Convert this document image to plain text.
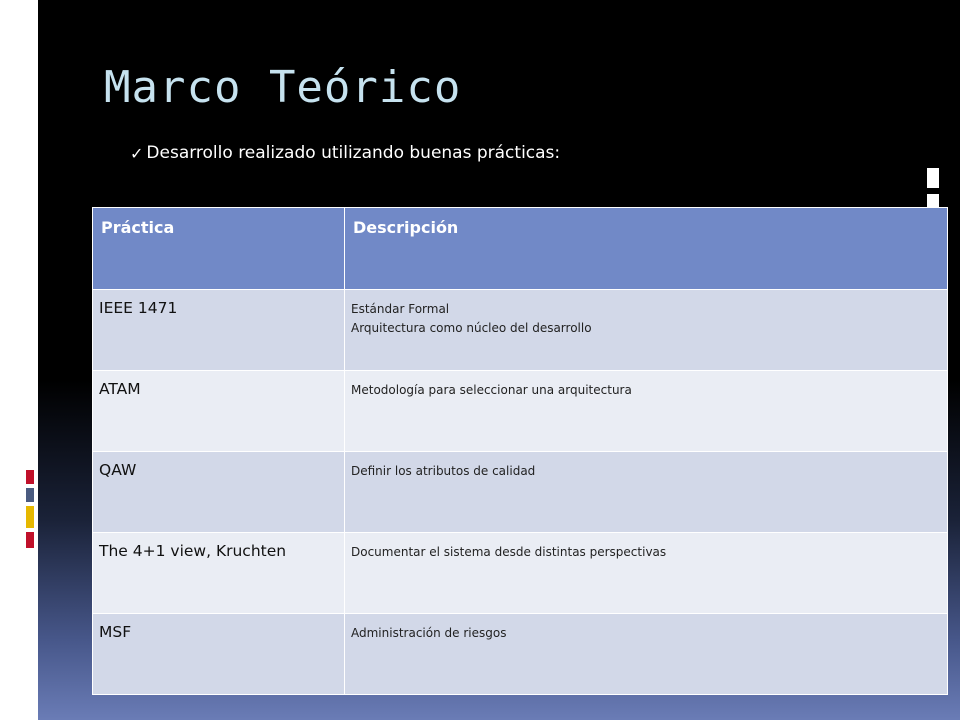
Marco Teórico
✓ Desarrollo realizado utilizando buenas prácticas:
Práctica	Descripción
IEEE 1471	Estándar Formal
Arquitectura como núcleo del desarrollo

ATAM	Metodología para seleccionar una arquitectura

QAW	Definir los atributos de calidad

The 4+1 view, Kruchten	Documentar el sistema desde distintas perspectivas

MSF	Administración de riesgos
